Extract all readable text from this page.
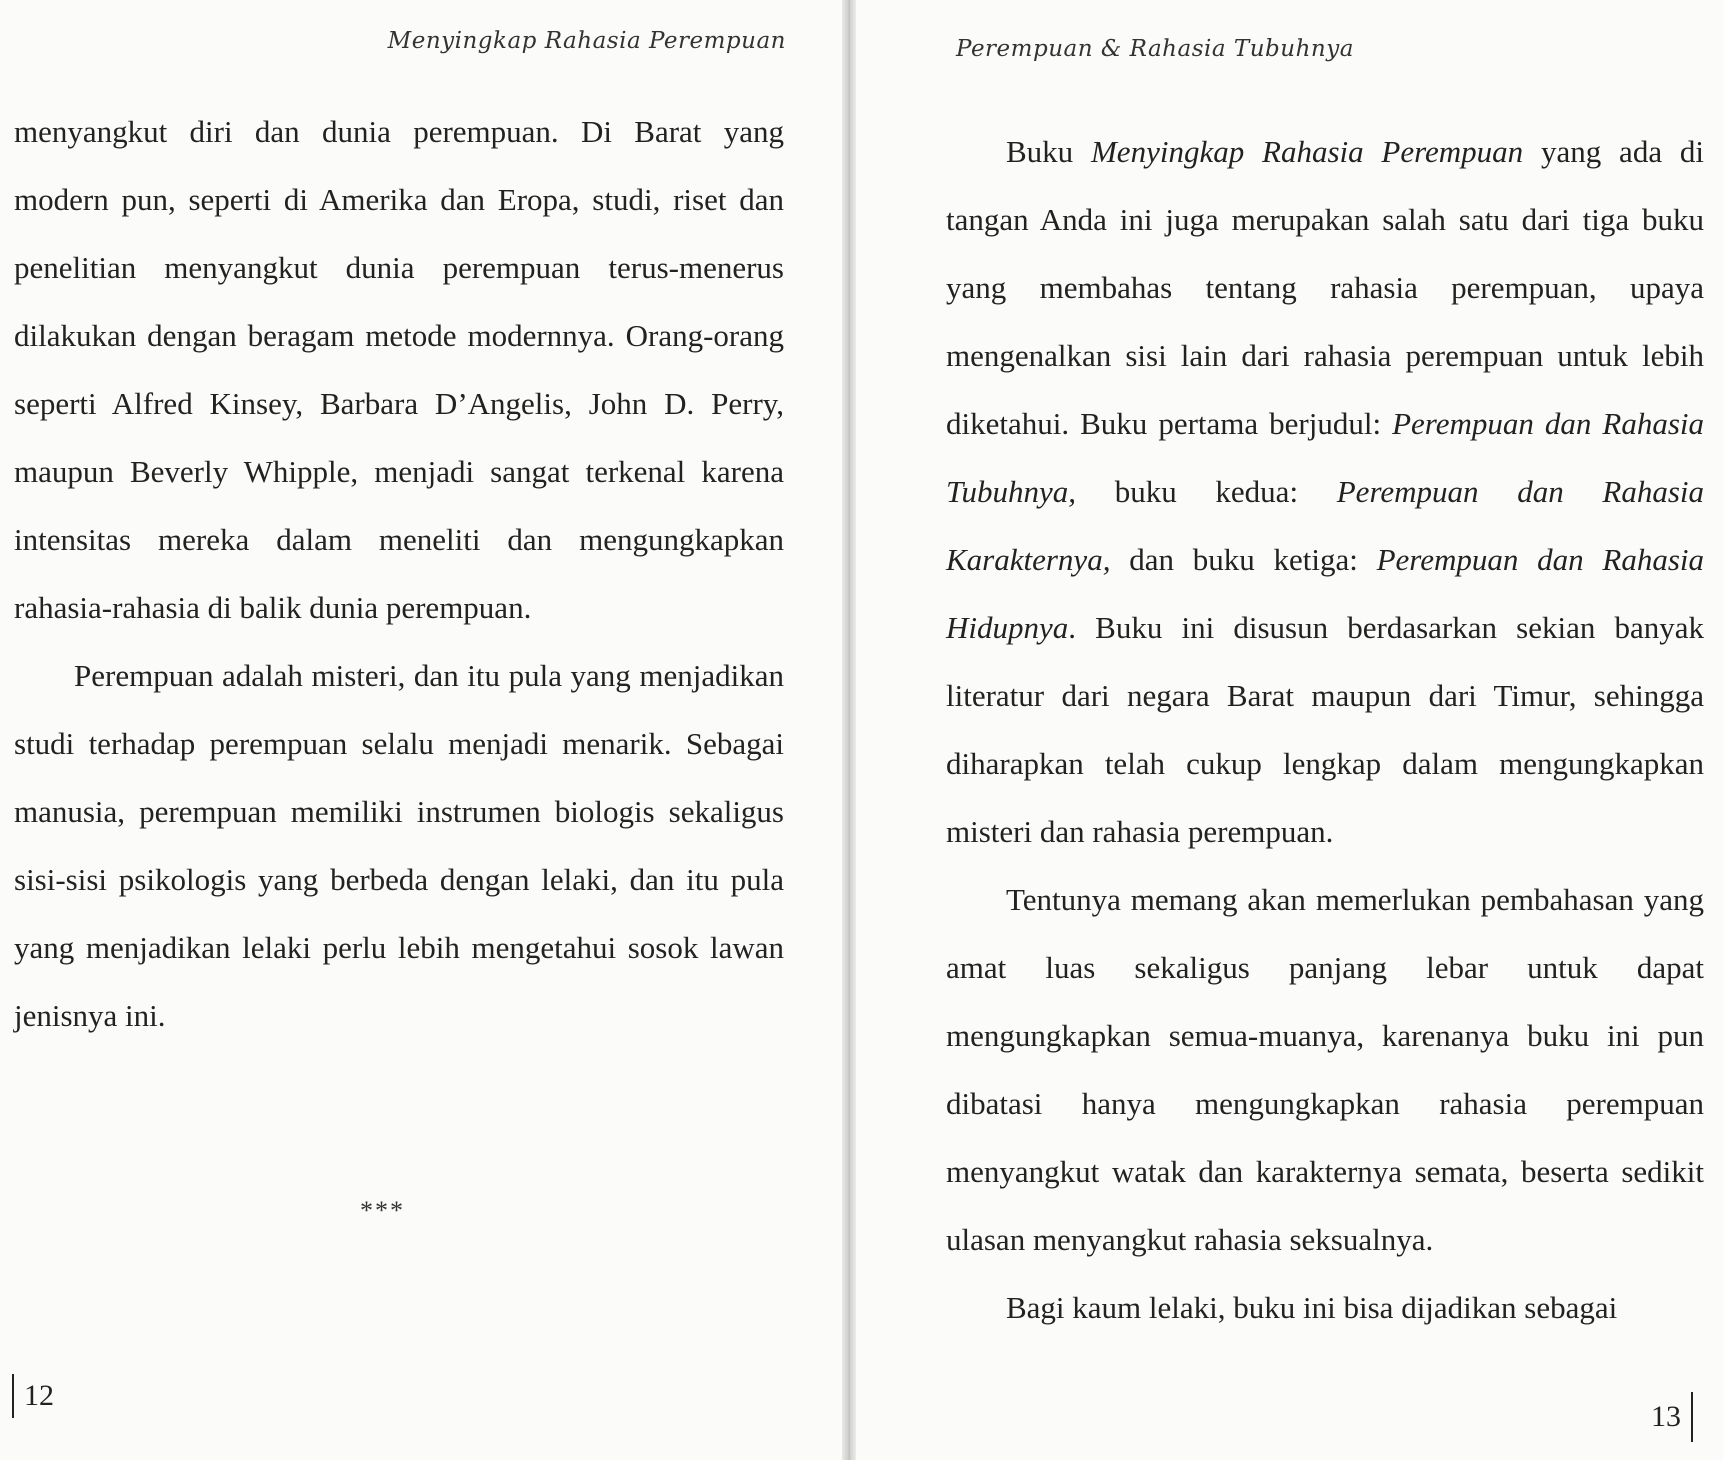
Menyingkap Rahasia Perempuan

menyangkut diri dan dunia perempuan. Di Barat yang modern pun, seperti di Amerika dan Eropa, studi, riset dan penelitian menyangkut dunia perempuan terus-menerus dilakukan dengan beragam metode modernnya. Orang-orang seperti Alfred Kinsey, Barbara D’Angelis, John D. Perry, maupun Beverly Whipple, menjadi sangat terkenal karena intensitas mereka dalam meneliti dan mengungkapkan rahasia-rahasia di balik dunia perempuan.

Perempuan adalah misteri, dan itu pula yang menjadikan studi terhadap perempuan selalu menjadi menarik. Sebagai manusia, perempuan memiliki instrumen biologis sekaligus sisi-sisi psikologis yang berbeda dengan lelaki, dan itu pula yang menjadikan lelaki perlu lebih mengetahui sosok lawan jenisnya ini.

***
12
Perempuan & Rahasia Tubuhnya

Buku Menyingkap Rahasia Perempuan yang ada di tangan Anda ini juga merupakan salah satu dari tiga buku yang membahas tentang rahasia perempuan, upaya mengenalkan sisi lain dari rahasia perempuan untuk lebih diketahui. Buku pertama berjudul: Perempuan dan Rahasia Tubuhnya, buku kedua: Perempuan dan Rahasia Karakternya, dan buku ketiga: Perempuan dan Rahasia Hidupnya. Buku ini disusun berdasarkan sekian banyak literatur dari negara Barat maupun dari Timur, sehingga diharapkan telah cukup lengkap dalam mengungkapkan misteri dan rahasia perempuan.

Tentunya memang akan memerlukan pembahasan yang amat luas sekaligus panjang lebar untuk dapat mengungkapkan semua-muanya, karenanya buku ini pun dibatasi hanya mengungkapkan rahasia perempuan menyangkut watak dan karakternya semata, beserta sedikit ulasan menyangkut rahasia seksualnya.

Bagi kaum lelaki, buku ini bisa dijadikan sebagai

13
